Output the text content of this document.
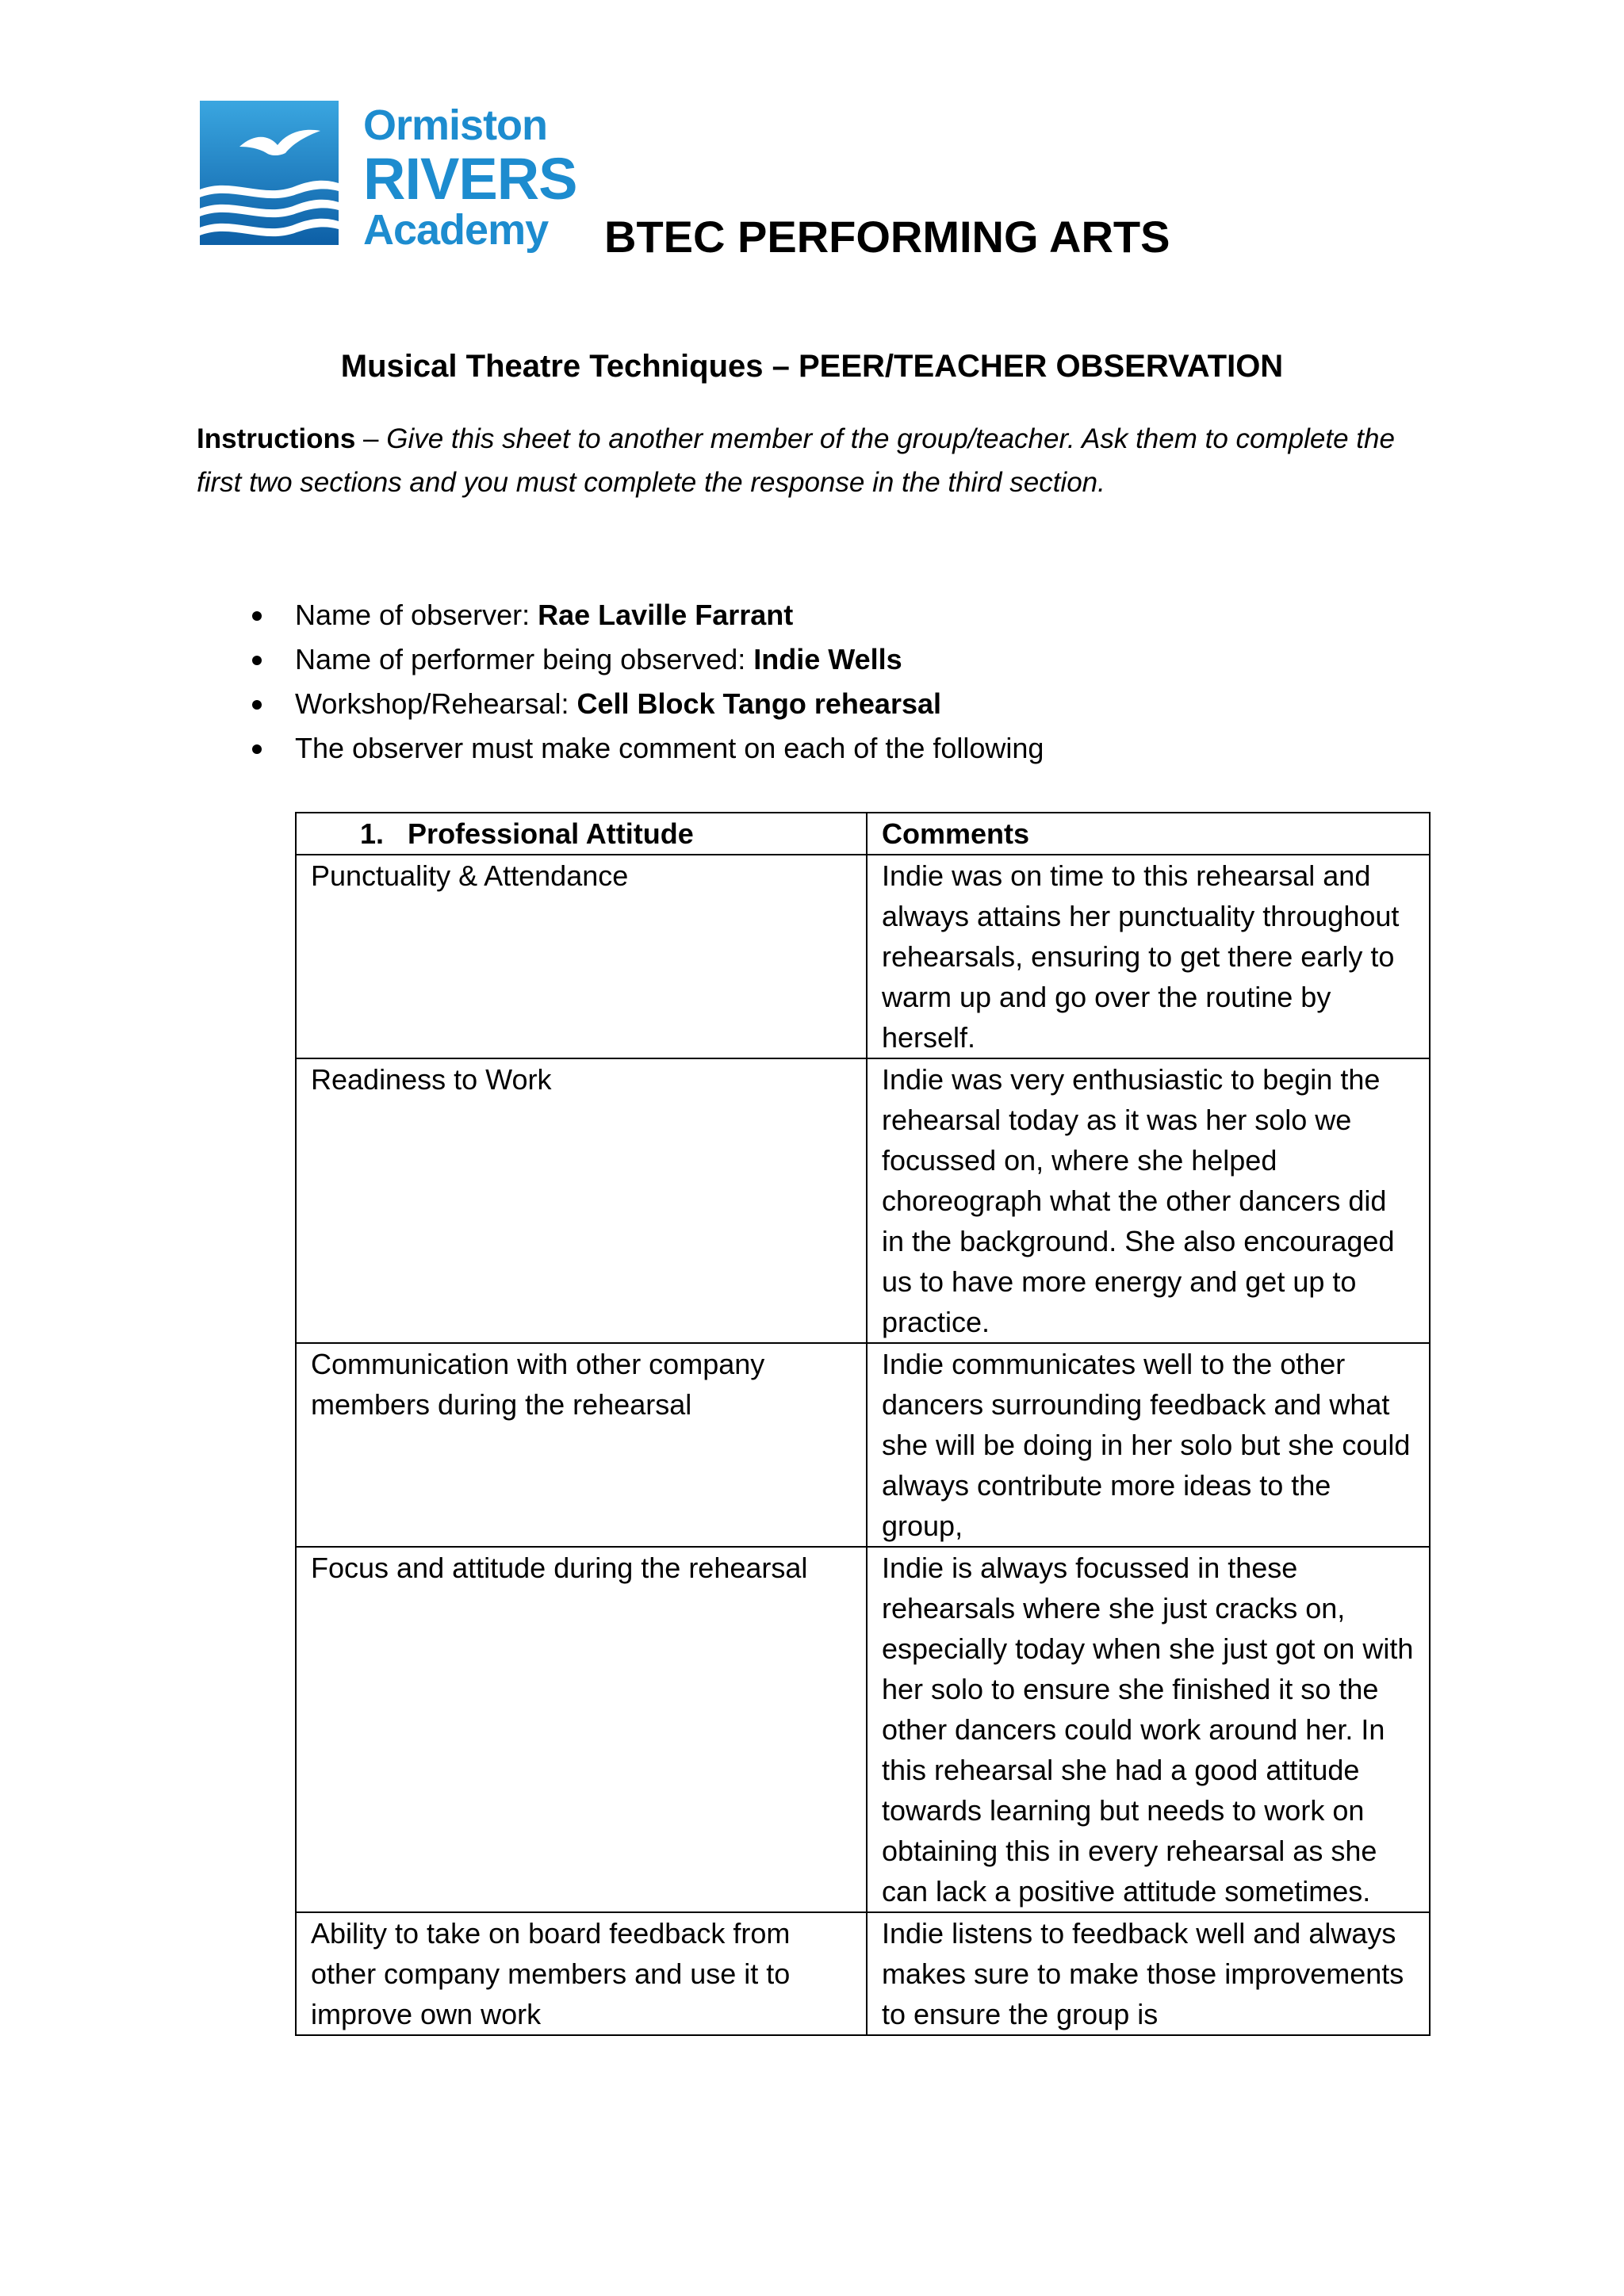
Ormiston
RIVERS
Academy BTEC PERFORMING ARTS
Musical Theatre Techniques – PEER/TEACHER OBSERVATION
Instructions – Give this sheet to another member of the group/teacher. Ask them to complete the first two sections and you must complete the response in the third section.
Name of observer: Rae Laville Farrant
Name of performer being observed: Indie Wells
Workshop/Rehearsal: Cell Block Tango rehearsal
The observer must make comment on each of the following
1. Professional Attitude	Comments
Punctuality & Attendance	Indie was on time to this rehearsal and always attains her punctuality throughout rehearsals, ensuring to get there early to warm up and go over the routine by herself.
Readiness to Work	Indie was very enthusiastic to begin the rehearsal today as it was her solo we focussed on, where she helped choreograph what the other dancers did in the background. She also encouraged us to have more energy and get up to practice.
Communication with other company members during the rehearsal	Indie communicates well to the other dancers surrounding feedback and what she will be doing in her solo but she could always contribute more ideas to the group,
Focus and attitude during the rehearsal	Indie is always focussed in these rehearsals where she just cracks on, especially today when she just got on with her solo to ensure she finished it so the other dancers could work around her. In this rehearsal she had a good attitude towards learning but needs to work on obtaining this in every rehearsal as she can lack a positive attitude sometimes.
Ability to take on board feedback from other company members and use it to improve own work	Indie listens to feedback well and always makes sure to make those improvements to ensure the group is
